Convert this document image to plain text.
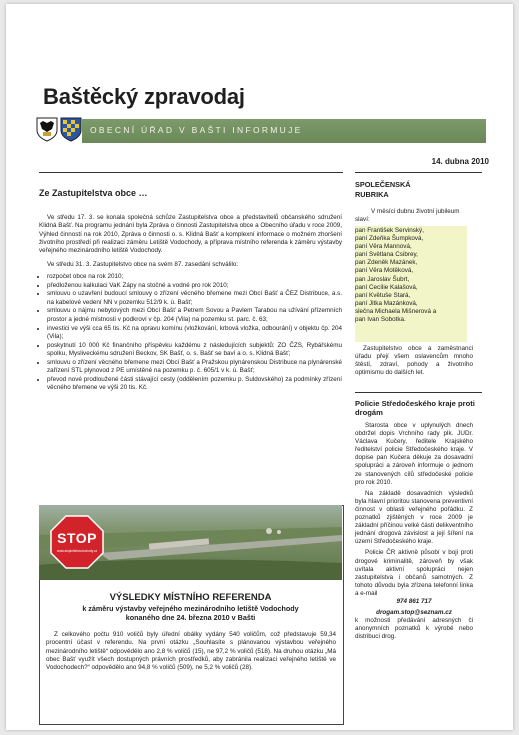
Baštěcký zpravodaj
OBECNÍ ÚŘAD V BAŠTI INFORMUJE
14. dubna 2010
Ze Zastupitelstva obce …

Ve středu 17. 3. se konala společná schůze Zastupitelstva obce a představitelů občanského sdružení Klidná Bašť. Na programu jednání byla Zpráva o činnosti Zastupitelstva obce a Obecního úřadu v roce 2009, Výhled činností na rok 2010, Zpráva o činnosti o. s. Klidná Bašť a komplexní informace o možném zhoršení životního prostředí při realizaci záměru Letiště Vodochody, a příprava místního referenda k záměru výstavby veřejného mezinárodního letiště Vodochody.

Ve středu 31. 3. Zastupitelstvo obce na svém 87. zasedání schválilo:

• rozpočet obce na rok 2010;
• předloženou kalkulaci VaK Zápy na stočné a vodné pro rok 2010;
• smlouvu o uzavření budoucí smlouvy o zřízení věcného břemene mezi Obcí Bašť a ČEZ Distribuce, a.s. na kabelové vedení NN v pozemku 512/9 k. ú. Bašť;
• smlouvu o nájmu nebytových mezi Obcí Bašť a Petrem Sovou a Pavlem Tarabou na užívání přízemních prostor a jedné místnosti v podkroví v čp. 204 (Vila) na pozemku st. parc. č. 63;
• investici ve výši cca 65 tis. Kč na opravu komínu (vložkování, krbová vložka, odbourání) v objektu čp. 204 (Vila);
• poskytnutí 10 000 Kč finančního příspěvku každému z následujících subjektů: ZO ČZS, Rybářskému spolku, Mysliveckému sdružení Beckov, SK Bašť, o. s. Bašť se baví a o. s. Klidná Bašť;
• smlouvu o zřízení věcného břemene mezi Obcí Bašť a Pražskou plynárenskou Distribuce na plynárenské zařízení STL plynovod z PE umístěné na pozemku p. č. 605/1 v k. ú. Bašť;
• převod nové prodloužené části stávající cesty (oddělením pozemku p. Suldovského) za podmínky zřízení věcného břemene ve výši 20 tis. Kč.
STOP
www.stopletistivodochody.cz
VÝSLEDKY MÍSTNÍHO REFERENDA
k záměru výstavby veřejného mezinárodního letiště Vodochody
konaného dne 24. března 2010 v Bašti

Z celkového počtu 910 voličů byly úřední obálky vydány 540 voličům, což představuje 59,34 procentní účast v referendu. Na první otázku „Souhlasíte s plánovanou výstavbou veřejného mezinárodního letiště“ odpovědělo ano 2,8 % voličů (15), ne 97,2 % voličů (518). Na druhou otázku „Má obec Bašť využít všech dostupných právních prostředků, aby zabránila realizaci veřejného letiště ve Vodochodech?“ odpovědělo ano 94,8 % voličů (509), ne 5,2 % voličů (28).

SPOLEČENSKÁ
RUBRIKA
V měsíci dubnu životní jubileum slaví:
pan František Servinský,
paní Zdeňka Šumpková,
paní Věra Mannová,
paní Světlana Csibrey,
pan Zdeněk Mazánek,
paní Věra Motěková,
pan Jaroslav Šubrt,
paní Cecílie Kalašová,
paní Květuše Stará,
paní Jitka Mazánková,
slečna Michaela Mišnerová a
pan Ivan Sobotka.
Zastupitelstvo obce a zaměstnanci úřadu přejí všem oslavencům mnoho štěstí, zdraví, pohody a životního optimismu do dalších let.
Policie Středočeského kraje proti drogám
Starosta obce v uplynulých dnech obdržel dopis Vrchního rady plk. JUDr. Václava Kučery, ředitele Krajského ředitelství policie Středočeského kraje. V dopise pan Kučera děkuje za dosavadní spolupráci a zároveň informuje o jednom ze stanovených cílů středočeské policie pro rok 2010.
Na základě dosavadních výsledků byla hlavní prioritou stanovena preventivní činnost v oblasti veřejného pořádku. Z poznatků zjištěných v roce 2009 je základní příčinou velké části delikventního jednání drogová závislost a její šíření na území Středočeského kraje.
Policie ČR aktivně působí v boji proti drogové kriminalitě, zároveň by však uvítala aktivní spolupráci nejen zastupitelstva i občanů samotných. Z tohoto důvodu byla zřízena telefonní linka a e-mail
974 861 717
drogam.stop@seznam.cz
k možnosti předávání adresných či anonymních poznatků k výrobě nebo distribuci drog.
